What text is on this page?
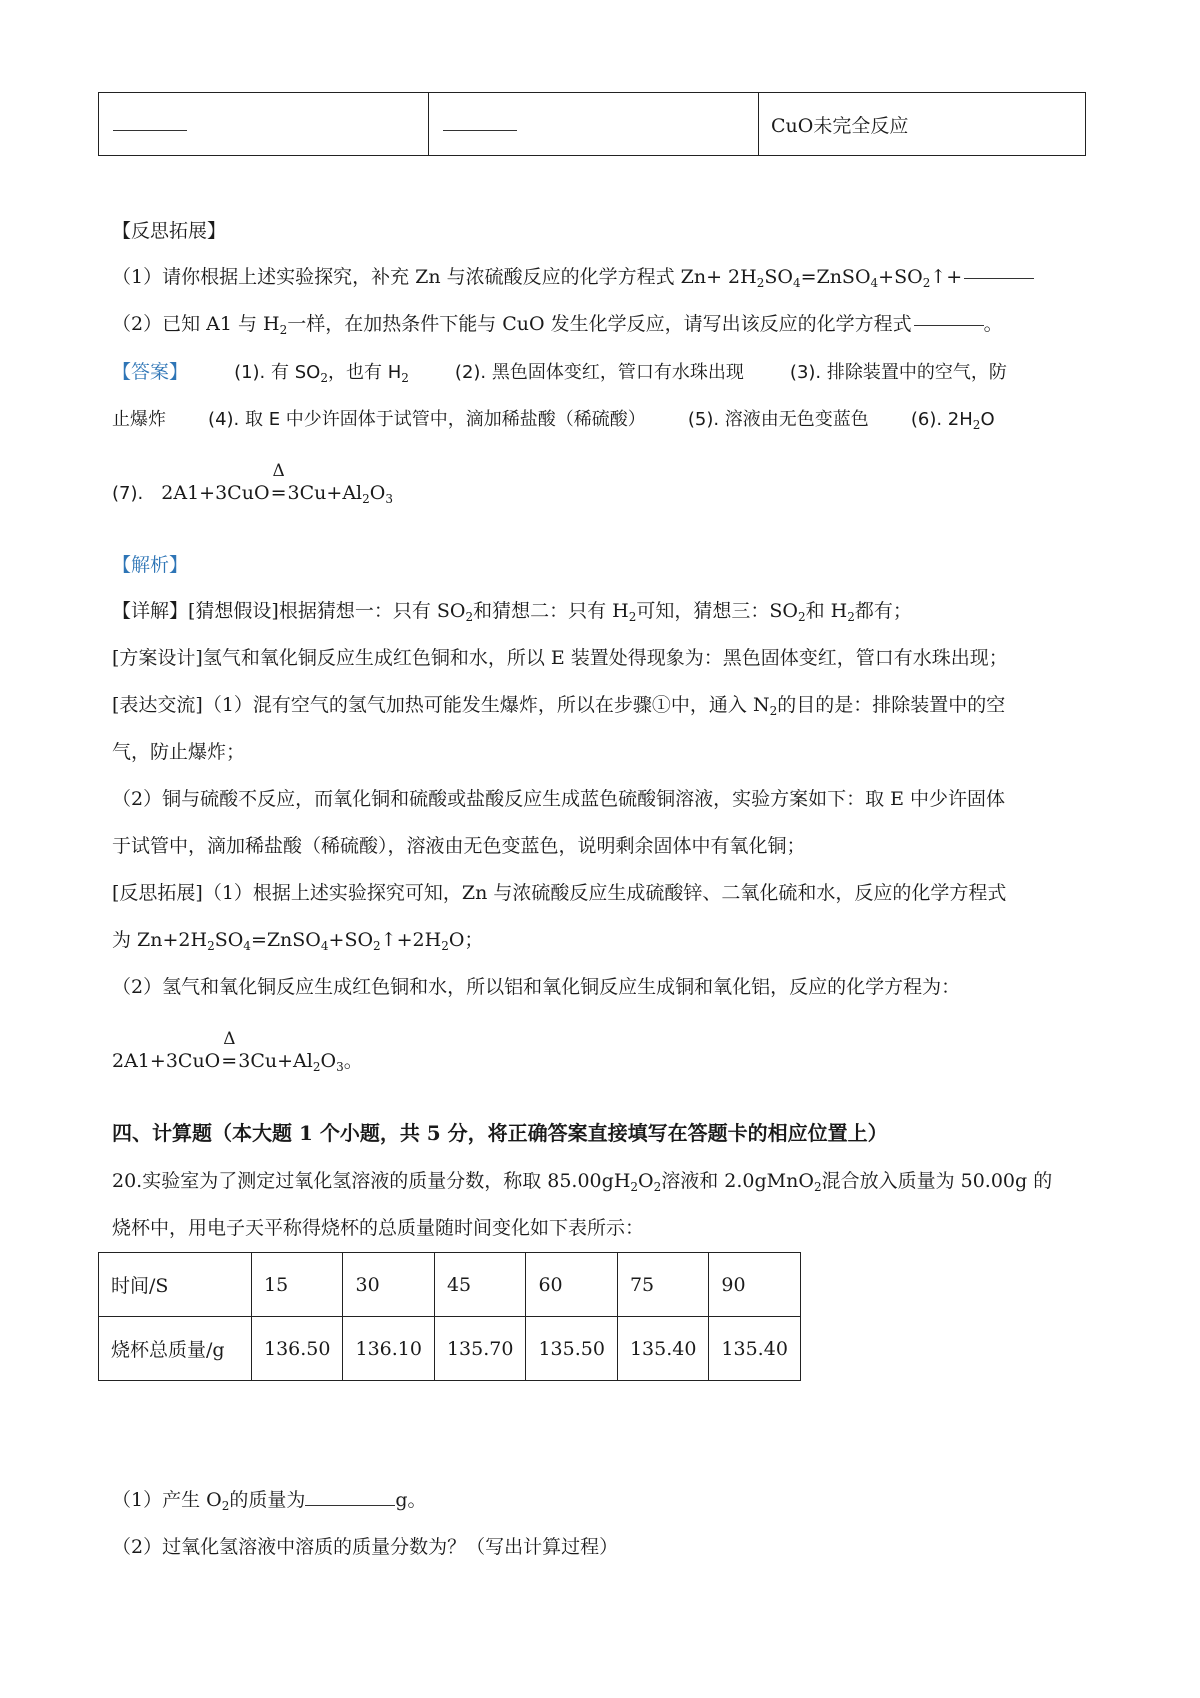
		CuO未完全反应
【反思拓展】
（1）请你根据上述实验探究，补充 Zn 与浓硫酸反应的化学方程式 $Zn+ 2H_2SO_4=ZnSO_4+SO_2↑+$
（2）已知 A1 与 $H_2$一样，在加热条件下能与 CuO 发生化学反应，请写出该反应的化学方程式	。
【答案】	(1). 有 $SO_2$，也有 $H_2$	(2). 黑色固体变红，管口有水珠出现	(3). 排除装置中的空气，防
止爆炸 (4). 取 E 中少许固体于试管中，滴加稀盐酸（稀硫酸） (5). 溶液由无色变蓝色 (6). $2H_2O$
(7). 2A1+3CuO
Δ
$=3Cu+Al_2O_3$
【解析】
【详解】[猜想假设]根据猜想一：只有 $SO_2$和猜想二：只有 $H_2$可知，猜想三：$SO_2$和 $H_2$都有；
[方案设计]氢气和氧化铜反应生成红色铜和水，所以 E 装置处得现象为：黑色固体变红，管口有水珠出现；
[表达交流]（1）混有空气的氢气加热可能发生爆炸，所以在步骤①中，通入 $N_2$的目的是：排除装置中的空
气，防止爆炸；
（2）铜与硫酸不反应，而氧化铜和硫酸或盐酸反应生成蓝色硫酸铜溶液，实验方案如下：取 E 中少许固体
于试管中，滴加稀盐酸（稀硫酸），溶液由无色变蓝色，说明剩余固体中有氧化铜；
[反思拓展]（1）根据上述实验探究可知，Zn 与浓硫酸反应生成硫酸锌、二氧化硫和水，反应的化学方程式
为 $Zn+2H_2SO_4=ZnSO_4+SO_2↑+2H_2O$；
（2）氢气和氧化铜反应生成红色铜和水，所以铝和氧化铜反应生成铜和氧化铝，反应的化学方程为：
2A1+3CuO
Δ
$=3Cu+Al_2O_3$。
四、计算题（本大题 1 个小题，共 5 分，将正确答案直接填写在答题卡的相应位置上）
20.实验室为了测定过氧化氢溶液的质量分数，称取 $85.00gH_2O_2$溶液和 2.0gMnO$_2$混合放入质量为 50.00g 的
烧杯中，用电子天平称得烧杯的总质量随时间变化如下表所示：
时间/S	15	30	45	60	75	90
烧杯总质量/g	136.50	136.10	135.70	135.50	135.40	135.40
（1）产生 $O_2$的质量为	g。
（2）过氧化氢溶液中溶质的质量分数为？（写出计算过程）
